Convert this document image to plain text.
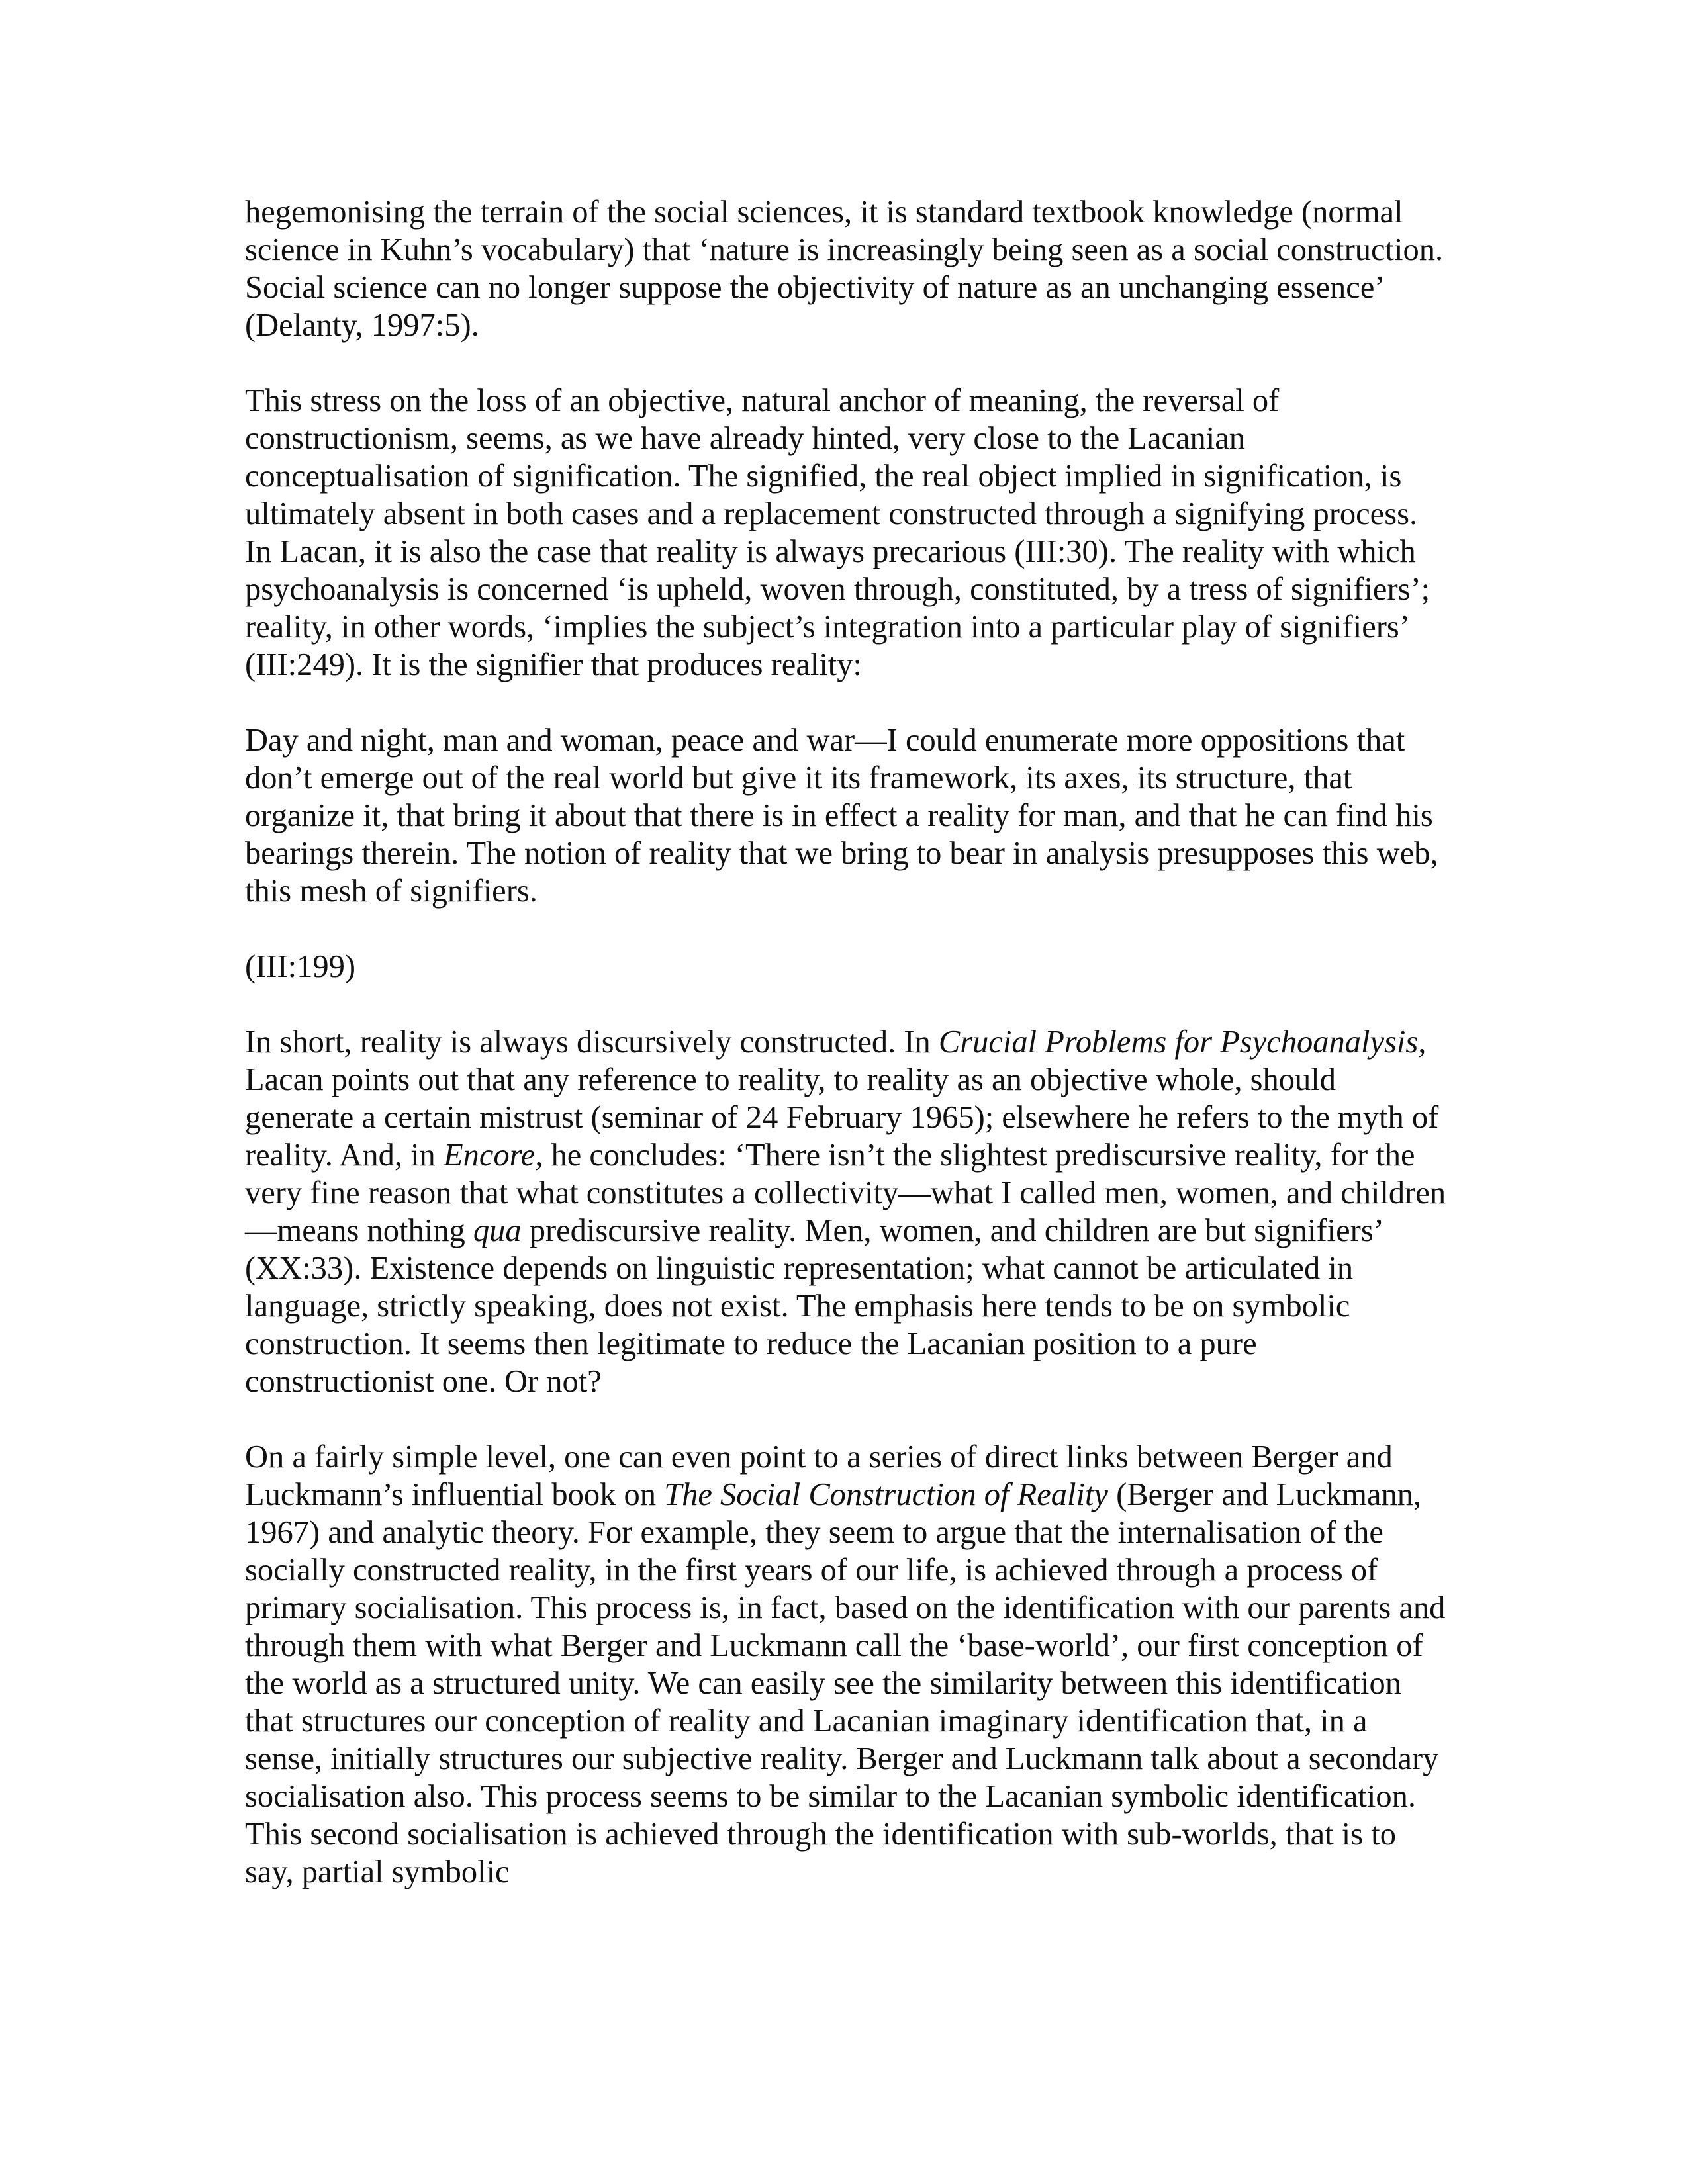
hegemonising the terrain of the social sciences, it is standard textbook knowledge (normal science in Kuhn’s vocabulary) that ‘nature is increasingly being seen as a social construction. Social science can no longer suppose the objectivity of nature as an unchanging essence’ (Delanty, 1997:5).

This stress on the loss of an objective, natural anchor of meaning, the reversal of constructionism, seems, as we have already hinted, very close to the Lacanian conceptualisation of signification. The signified, the real object implied in signification, is ultimately absent in both cases and a replacement constructed through a signifying process. In Lacan, it is also the case that reality is always precarious (III:30). The reality with which psychoanalysis is concerned ‘is upheld, woven through, constituted, by a tress of signifiers’; reality, in other words, ‘implies the subject’s integration into a particular play of signifiers’ (III:249). It is the signifier that produces reality:

Day and night, man and woman, peace and war—I could enumerate more oppositions that don’t emerge out of the real world but give it its framework, its axes, its structure, that organize it, that bring it about that there is in effect a reality for man, and that he can find his bearings therein. The notion of reality that we bring to bear in analysis presupposes this web, this mesh of signifiers.

(III:199)

In short, reality is always discursively constructed. In Crucial Problems for Psychoanalysis, Lacan points out that any reference to reality, to reality as an objective whole, should generate a certain mistrust (seminar of 24 February 1965); elsewhere he refers to the myth of reality. And, in Encore, he concludes: ‘There isn’t the slightest prediscursive reality, for the very fine reason that what constitutes a collectivity—what I called men, women, and children—means nothing qua prediscursive reality. Men, women, and children are but signifiers’ (XX:33). Existence depends on linguistic representation; what cannot be articulated in language, strictly speaking, does not exist. The emphasis here tends to be on symbolic construction. It seems then legitimate to reduce the Lacanian position to a pure constructionist one. Or not?

On a fairly simple level, one can even point to a series of direct links between Berger and Luckmann’s influential book on The Social Construction of Reality (Berger and Luckmann, 1967) and analytic theory. For example, they seem to argue that the internalisation of the socially constructed reality, in the first years of our life, is achieved through a process of primary socialisation. This process is, in fact, based on the identification with our parents and through them with what Berger and Luckmann call the ‘base-world’, our first conception of the world as a structured unity. We can easily see the similarity between this identification that structures our conception of reality and Lacanian imaginary identification that, in a sense, initially structures our subjective reality. Berger and Luckmann talk about a secondary socialisation also. This process seems to be similar to the Lacanian symbolic identification. This second socialisation is achieved through the identification with sub-worlds, that is to say, partial symbolic
